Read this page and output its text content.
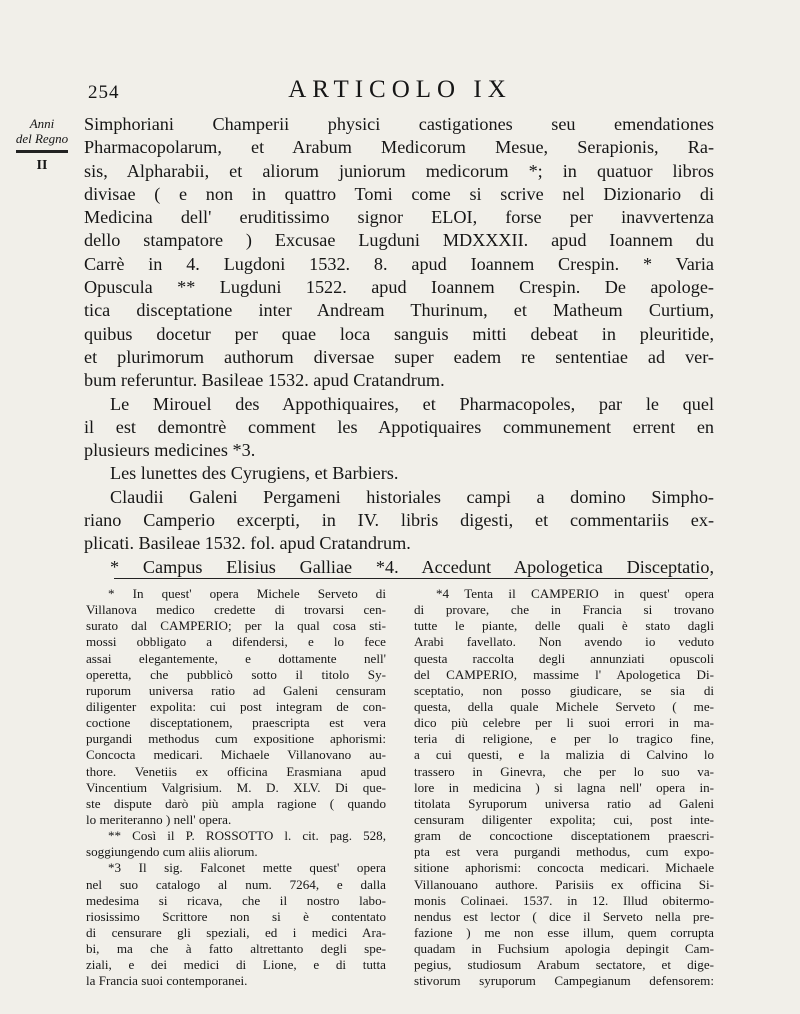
254	ARTICOLO IX
Anni
del Regno
II
Simphoriani Champerii physici castigationes seu emendationes
Pharmacopolarum, et Arabum Medicorum Mesue, Serapionis, Ra-
sis, Alpharabii, et aliorum juniorum medicorum *; in quatuor libros
divisae ( e non in quattro Tomi come si scrive nel Dizionario di
Medicina dell' eruditissimo signor ELOI, forse per inavvertenza
dello stampatore ) Excusae Lugduni MDXXXII. apud Ioannem du
Carrè in 4. Lugdoni 1532. 8. apud Ioannem Crespin. * Varia
Opuscula ** Lugduni 1522. apud Ioannem Crespin. De apologe-
tica disceptatione inter Andream Thurinum, et Matheum Curtium,
quibus docetur per quae loca sanguis mitti debeat in pleuritide,
et plurimorum authorum diversae super eadem re sententiae ad ver-
bum referuntur. Basileae 1532. apud Cratandrum.
Le Mirouel des Appothiquaires, et Pharmacopoles, par le quel
il est demontrè comment les Appotiquaires communement errent en
plusieurs medicines *3.
Les lunettes des Cyrugiens, et Barbiers.
Claudii Galeni Pergameni historiales campi a domino Simpho-
riano Camperio excerpti, in IV. libris digesti, et commentariis ex-
plicati. Basileae 1532. fol. apud Cratandrum.
* Campus Elisius Galliae *4. Accedunt Apologetica Disceptatio,
* In quest' opera Michele Serveto di
Villanova medico credette di trovarsi cen-
surato dal CAMPERIO; per la qual cosa sti-
mossi obbligato a difendersi, e lo fece
assai elegantemente, e dottamente nell'
operetta, che pubblicò sotto il titolo Sy-
ruporum universa ratio ad Galeni censuram
diligenter expolita: cui post integram de con-
coctione disceptationem, praescripta est vera
purgandi methodus cum expositione aphorismi:
Concocta medicari. Michaele Villanovano au-
thore. Venetiis ex officina Erasmiana apud
Vincentium Valgrisium. M. D. XLV. Di que-
ste dispute darò più ampla ragione ( quando
lo meriteranno ) nell' opera.
** Così il P. ROSSOTTO l. cit. pag. 528,
soggiungendo cum aliis aliorum.
*3 Il sig. Falconet mette quest' opera
nel suo catalogo al num. 7264, e dalla
medesima si ricava, che il nostro labo-
riosissimo Scrittore non si è contentato
di censurare gli speziali, ed i medici Ara-
bi, ma che à fatto altrettanto degli spe-
ziali, e dei medici di Lione, e di tutta
la Francia suoi contemporanei.
*4 Tenta il CAMPERIO in quest' opera
di provare, che in Francia si trovano
tutte le piante, delle quali è stato dagli
Arabi favellato. Non avendo io veduto
questa raccolta degli annunziati opuscoli
del CAMPERIO, massime l' Apologetica Di-
sceptatio, non posso giudicare, se sia di
questa, della quale Michele Serveto ( me-
dico più celebre per li suoi errori in ma-
teria di religione, e per lo tragico fine,
a cui questi, e la malizia di Calvino lo
trassero in Ginevra, che per lo suo va-
lore in medicina ) si lagna nell' opera in-
titolata Syruporum universa ratio ad Galeni
censuram diligenter expolita; cui, post inte-
gram de concoctione disceptationem praescri-
pta est vera purgandi methodus, cum expo-
sitione aphorismi: concocta medicari. Michaele
Villanouano authore. Parisiis ex officina Si-
monis Colinaei. 1537. in 12. Illud obitermo-
nendus est lector ( dice il Serveto nella pre-
fazione ) me non esse illum, quem corrupta
quadam in Fuchsium apologia depingit Cam-
pegius, studiosum Arabum sectatore, et dige-
stivorum syruporum Campegianum defensorem:
